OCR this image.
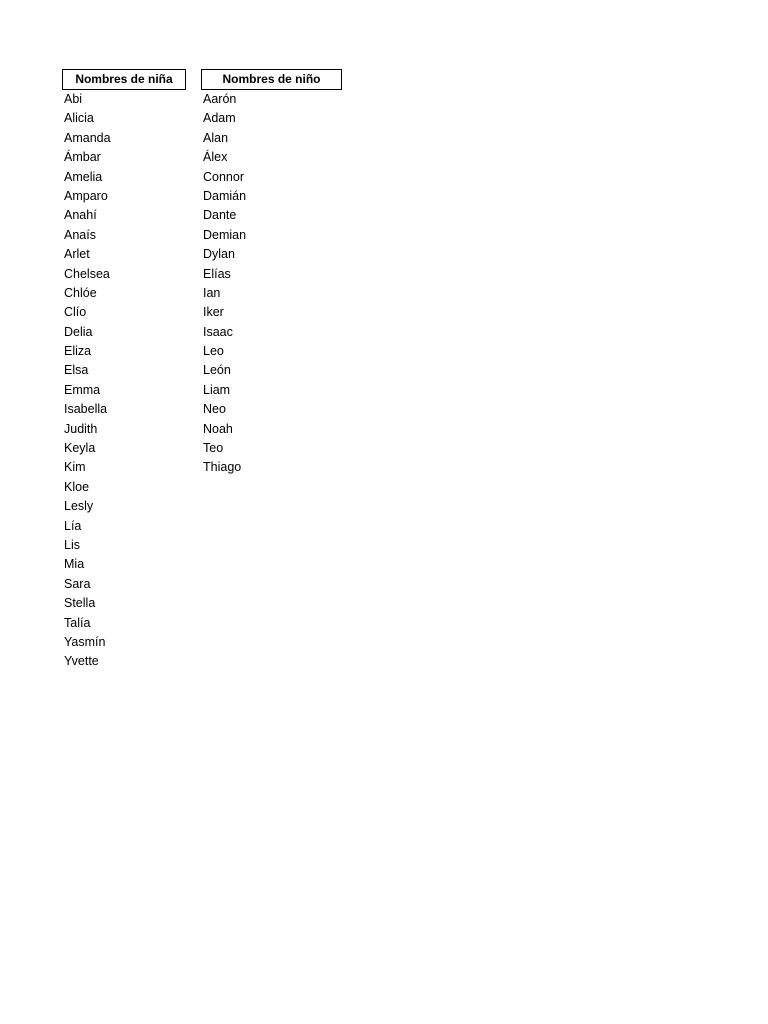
Nombres de niña
Abi
Alicia
Amanda
Ámbar
Amelia
Amparo
Anahí
Anaís
Arlet
Chelsea
Chlóe
Clío
Delia
Eliza
Elsa
Emma
Isabella
Judith
Keyla
Kim
Kloe
Lesly
Lía
Lis
Mia
Sara
Stella
Talía
Yasmín
Yvette
Nombres de niño
Aarón
Adam
Alan
Álex
Connor
Damián
Dante
Demian
Dylan
Elías
Ian
Iker
Isaac
Leo
León
Liam
Neo
Noah
Teo
Thiago
